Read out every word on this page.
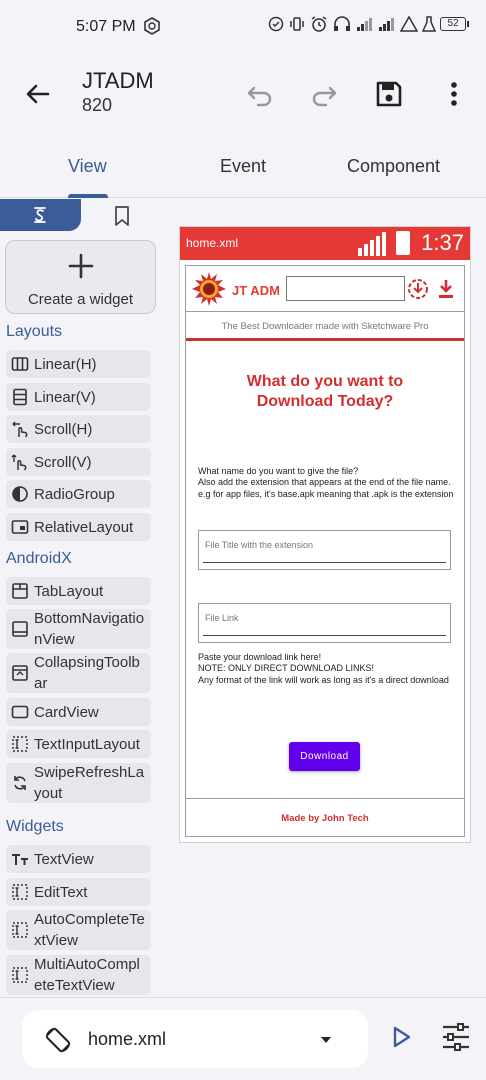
5:07 PM	52
JTADM
820
View	Event	Component
Create a widget
Layouts
Linear(H)
Linear(V)
Scroll(H)
Scroll(V)
RadioGroup
RelativeLayout
AndroidX
TabLayout
BottomNavigationView
CollapsingToolbar
CardView
TextInputLayout
SwipeRefreshLayout
Widgets
TextView
EditText
AutoCompleteTextView
MultiAutoCompleteTextView
home.xml	1:37
JT ADM
The Best Downloader made with Sketchware Pro
What do you want to Download Today?
What name do you want to give the file?
Also add the extension that appears at the end of the file name.
e.g for app files, it's base.apk meaning that .apk is the extension
File Title with the extension
File Link
Paste your download link here!
NOTE: ONLY DIRECT DOWNLOAD LINKS!
Any format of the link will work as long as it's a direct download
Download
Made by John Tech
home.xml
